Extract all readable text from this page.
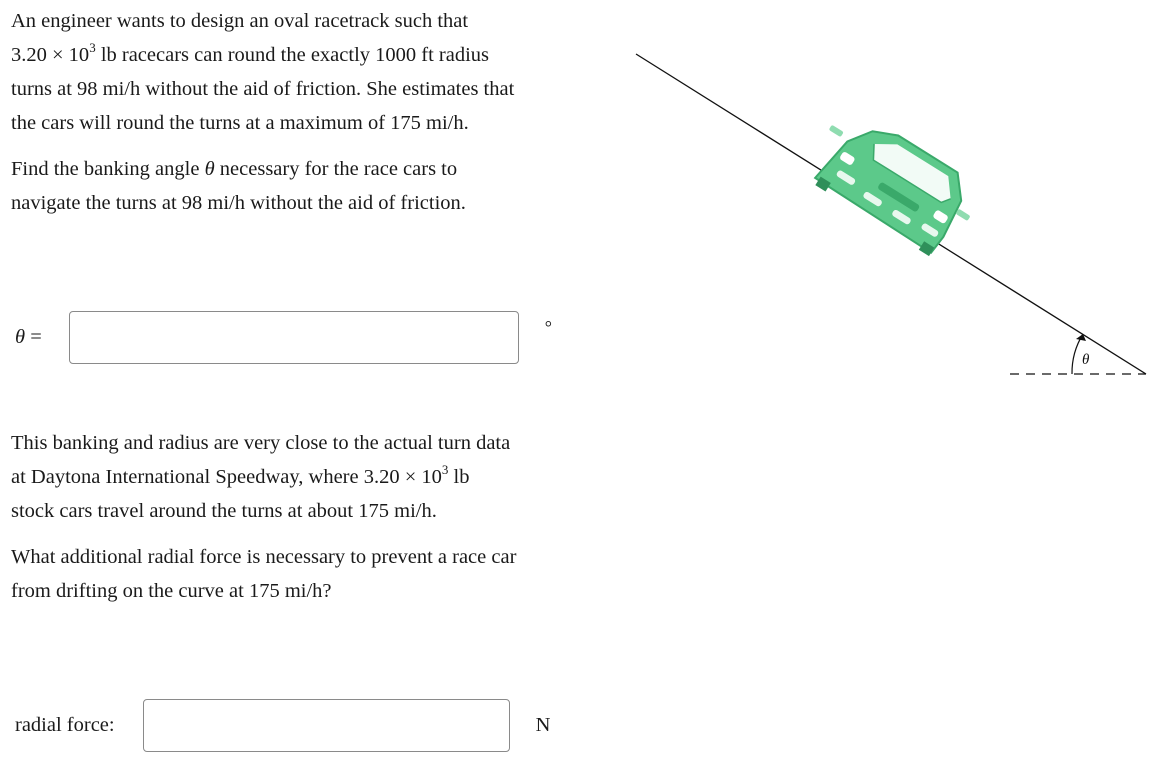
An engineer wants to design an oval racetrack such that
$3.20 \times 10^3$ lb racecars can round the exactly 1000 ft radius
turns at 98 mi/h without the aid of friction. She estimates that
the cars will round the turns at a maximum of 175 mi/h.

Find the banking angle θ necessary for the race cars to
navigate the turns at 98 mi/h without the aid of friction.

θ =	°

This banking and radius are very close to the actual turn data
at Daytona International Speedway, where $3.20 \times 10^3$ lb
stock cars travel around the turns at about 175 mi/h.

What additional radial force is necessary to prevent a race car
from drifting on the curve at 175 mi/h?

radial force:	N
θ
